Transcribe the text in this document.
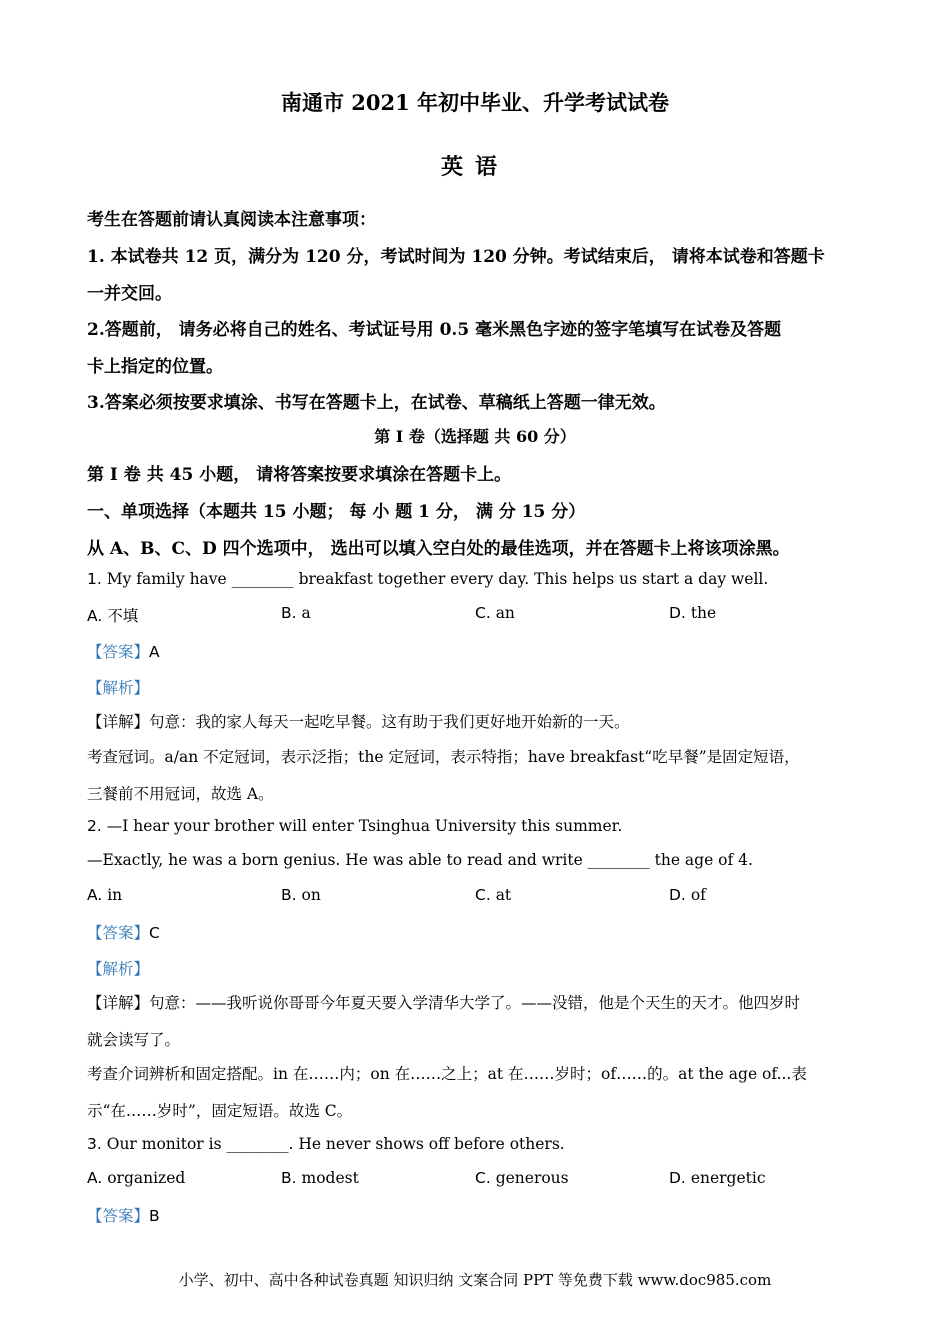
南通市 2021 年初中毕业、升学考试试卷
英语
考生在答题前请认真阅读本注意事项：
1. 本试卷共 12 页，满分为 120 分，考试时间为 120 分钟。考试结束后， 请将本试卷和答题卡
一并交回。
2.答题前， 请务必将自己的姓名、考试证号用 0.5 毫米黑色字迹的签字笔填写在试卷及答题
卡上指定的位置。
3.答案必须按要求填涂、书写在答题卡上，在试卷、草稿纸上答题一律无效。
第 I 卷（选择题 共 60 分）
第 I 卷 共 45 小题， 请将答案按要求填涂在答题卡上。
一、单项选择（本题共 15 小题； 每 小 题 1 分， 满 分 15 分）
从 A、B、C、D 四个选项中， 选出可以填入空白处的最佳选项，并在答题卡上将该项涂黑。
1. My family have ________ breakfast together every day. This helps us start a day well.
A. 不填	B. a	C. an	D. the
【答案】A
【解析】
【详解】句意：我的家人每天一起吃早餐。这有助于我们更好地开始新的一天。
考查冠词。a/an 不定冠词，表示泛指；the 定冠词，表示特指；have breakfast“吃早餐”是固定短语，
三餐前不用冠词，故选 A。
2. —I hear your brother will enter Tsinghua University this summer.
—Exactly, he was a born genius. He was able to read and write ________ the age of 4.
A. in	B. on	C. at	D. of
【答案】C
【解析】
【详解】句意：——我听说你哥哥今年夏天要入学清华大学了。——没错，他是个天生的天才。他四岁时
就会读写了。
考查介词辨析和固定搭配。in 在……内；on 在……之上；at 在……岁时；of……的。at the age of...表
示“在……岁时”，固定短语。故选 C。
3. Our monitor is ________. He never shows off before others.
A. organized	B. modest	C. generous	D. energetic
【答案】B
小学、初中、高中各种试卷真题 知识归纳 文案合同 PPT 等免费下载 www.doc985.com
